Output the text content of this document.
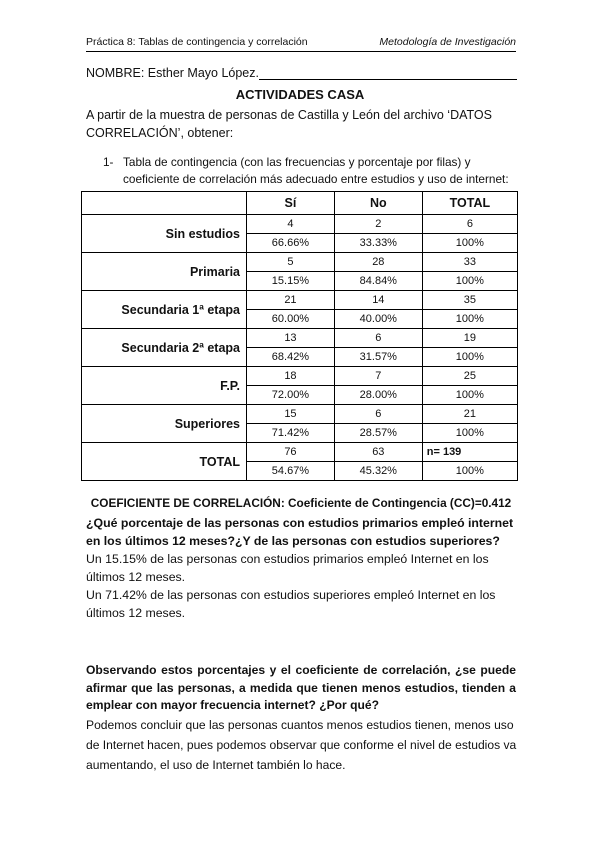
Práctica 8: Tablas de contingencia y correlación	Metodología de Investigación
NOMBRE: Esther Mayo López.
ACTIVIDADES CASA
A partir de la muestra de personas de Castilla y León del archivo ‘DATOS CORRELACIÓN’, obtener:
1- Tabla de contingencia (con las frecuencias y porcentaje por filas) y coeficiente de correlación más adecuado entre estudios y uso de internet:
	Sí	No	TOTAL
Sin estudios	4	2	6
	66.66%	33.33%	100%
Primaria	5	28	33
	15.15%	84.84%	100%
Secundaria 1ª etapa	21	14	35
	60.00%	40.00%	100%
Secundaria 2ª etapa	13	6	19
	68.42%	31.57%	100%
F.P.	18	7	25
	72.00%	28.00%	100%
Superiores	15	6	21
	71.42%	28.57%	100%
TOTAL	76	63	n= 139
	54.67%	45.32%	100%
COEFICIENTE DE CORRELACIÓN: Coeficiente de Contingencia (CC)=0.412
¿Qué porcentaje de las personas con estudios primarios empleó internet en los últimos 12 meses?¿Y de las personas con estudios superiores?

Un 15.15% de las personas con estudios primarios empleó Internet en los últimos 12 meses.

Un 71.42% de las personas con estudios superiores empleó Internet en los últimos 12 meses.

Observando estos porcentajes y el coeficiente de correlación, ¿se puede afirmar que las personas, a medida que tienen menos estudios, tienden a emplear con mayor frecuencia internet? ¿Por qué?
Podemos concluir que las personas cuantos menos estudios tienen, menos uso de Internet hacen, pues podemos observar que conforme el nivel de estudios va aumentando, el uso de Internet también lo hace.
